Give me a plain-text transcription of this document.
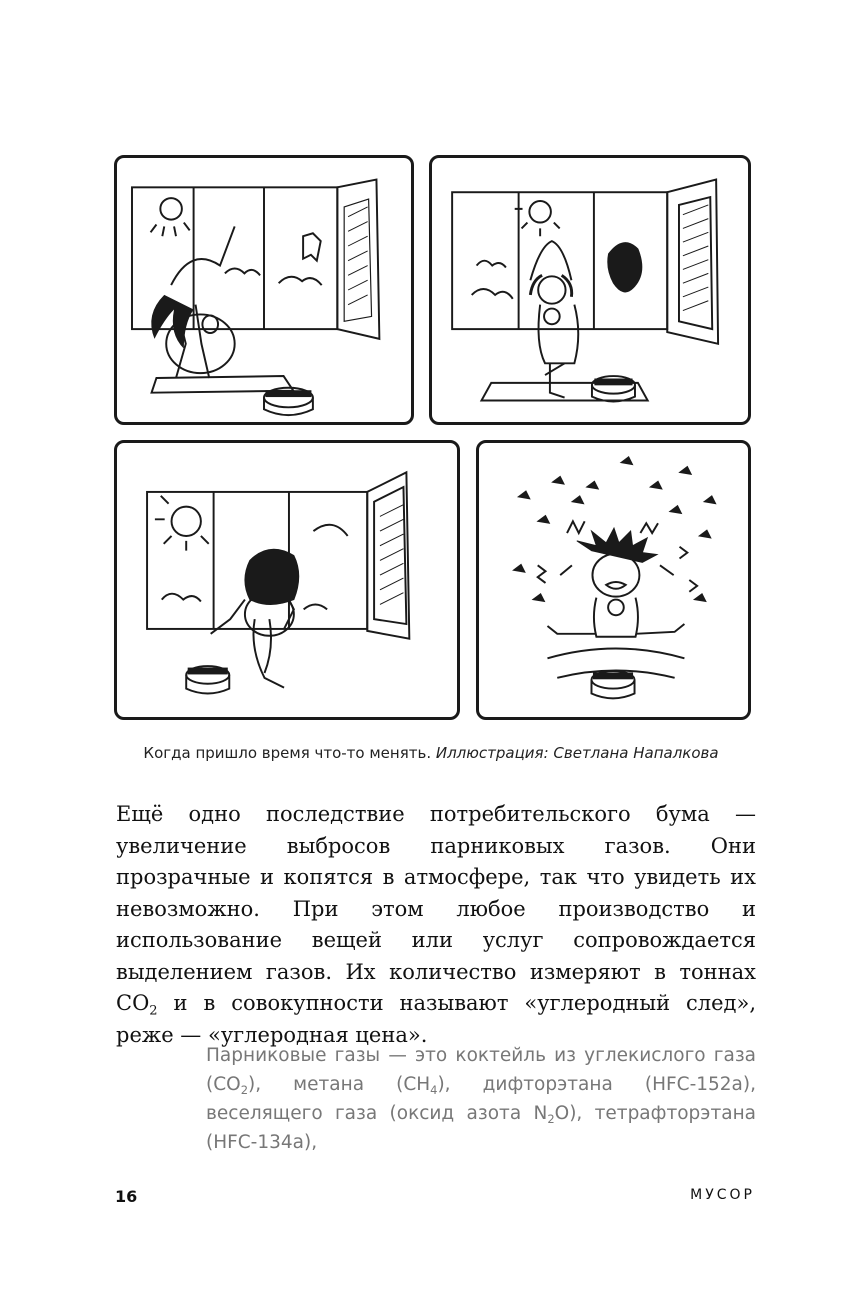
Когда пришло время что-то менять. Иллюстрация: Светлана Напалкова

Ещё одно последствие потребительского бума — увеличение выбросов парниковых газов. Они прозрачные и копятся в атмосфере, так что увидеть их невозможно. При этом любое производство и использование вещей или услуг сопровождается выделением газов. Их количество измеряют в тоннах $CO_2$ и в совокупности называют «углеродный след», реже — «углеродная цена».

Парниковые газы — это коктейль из углекислого газа $(CO_2)$, метана $(CH_4)$, дифторэтана (HFC-152a), веселящего газа (оксид азота $N_2O$), тетрафторэтана (HFC-134a),

16	МУСОР
